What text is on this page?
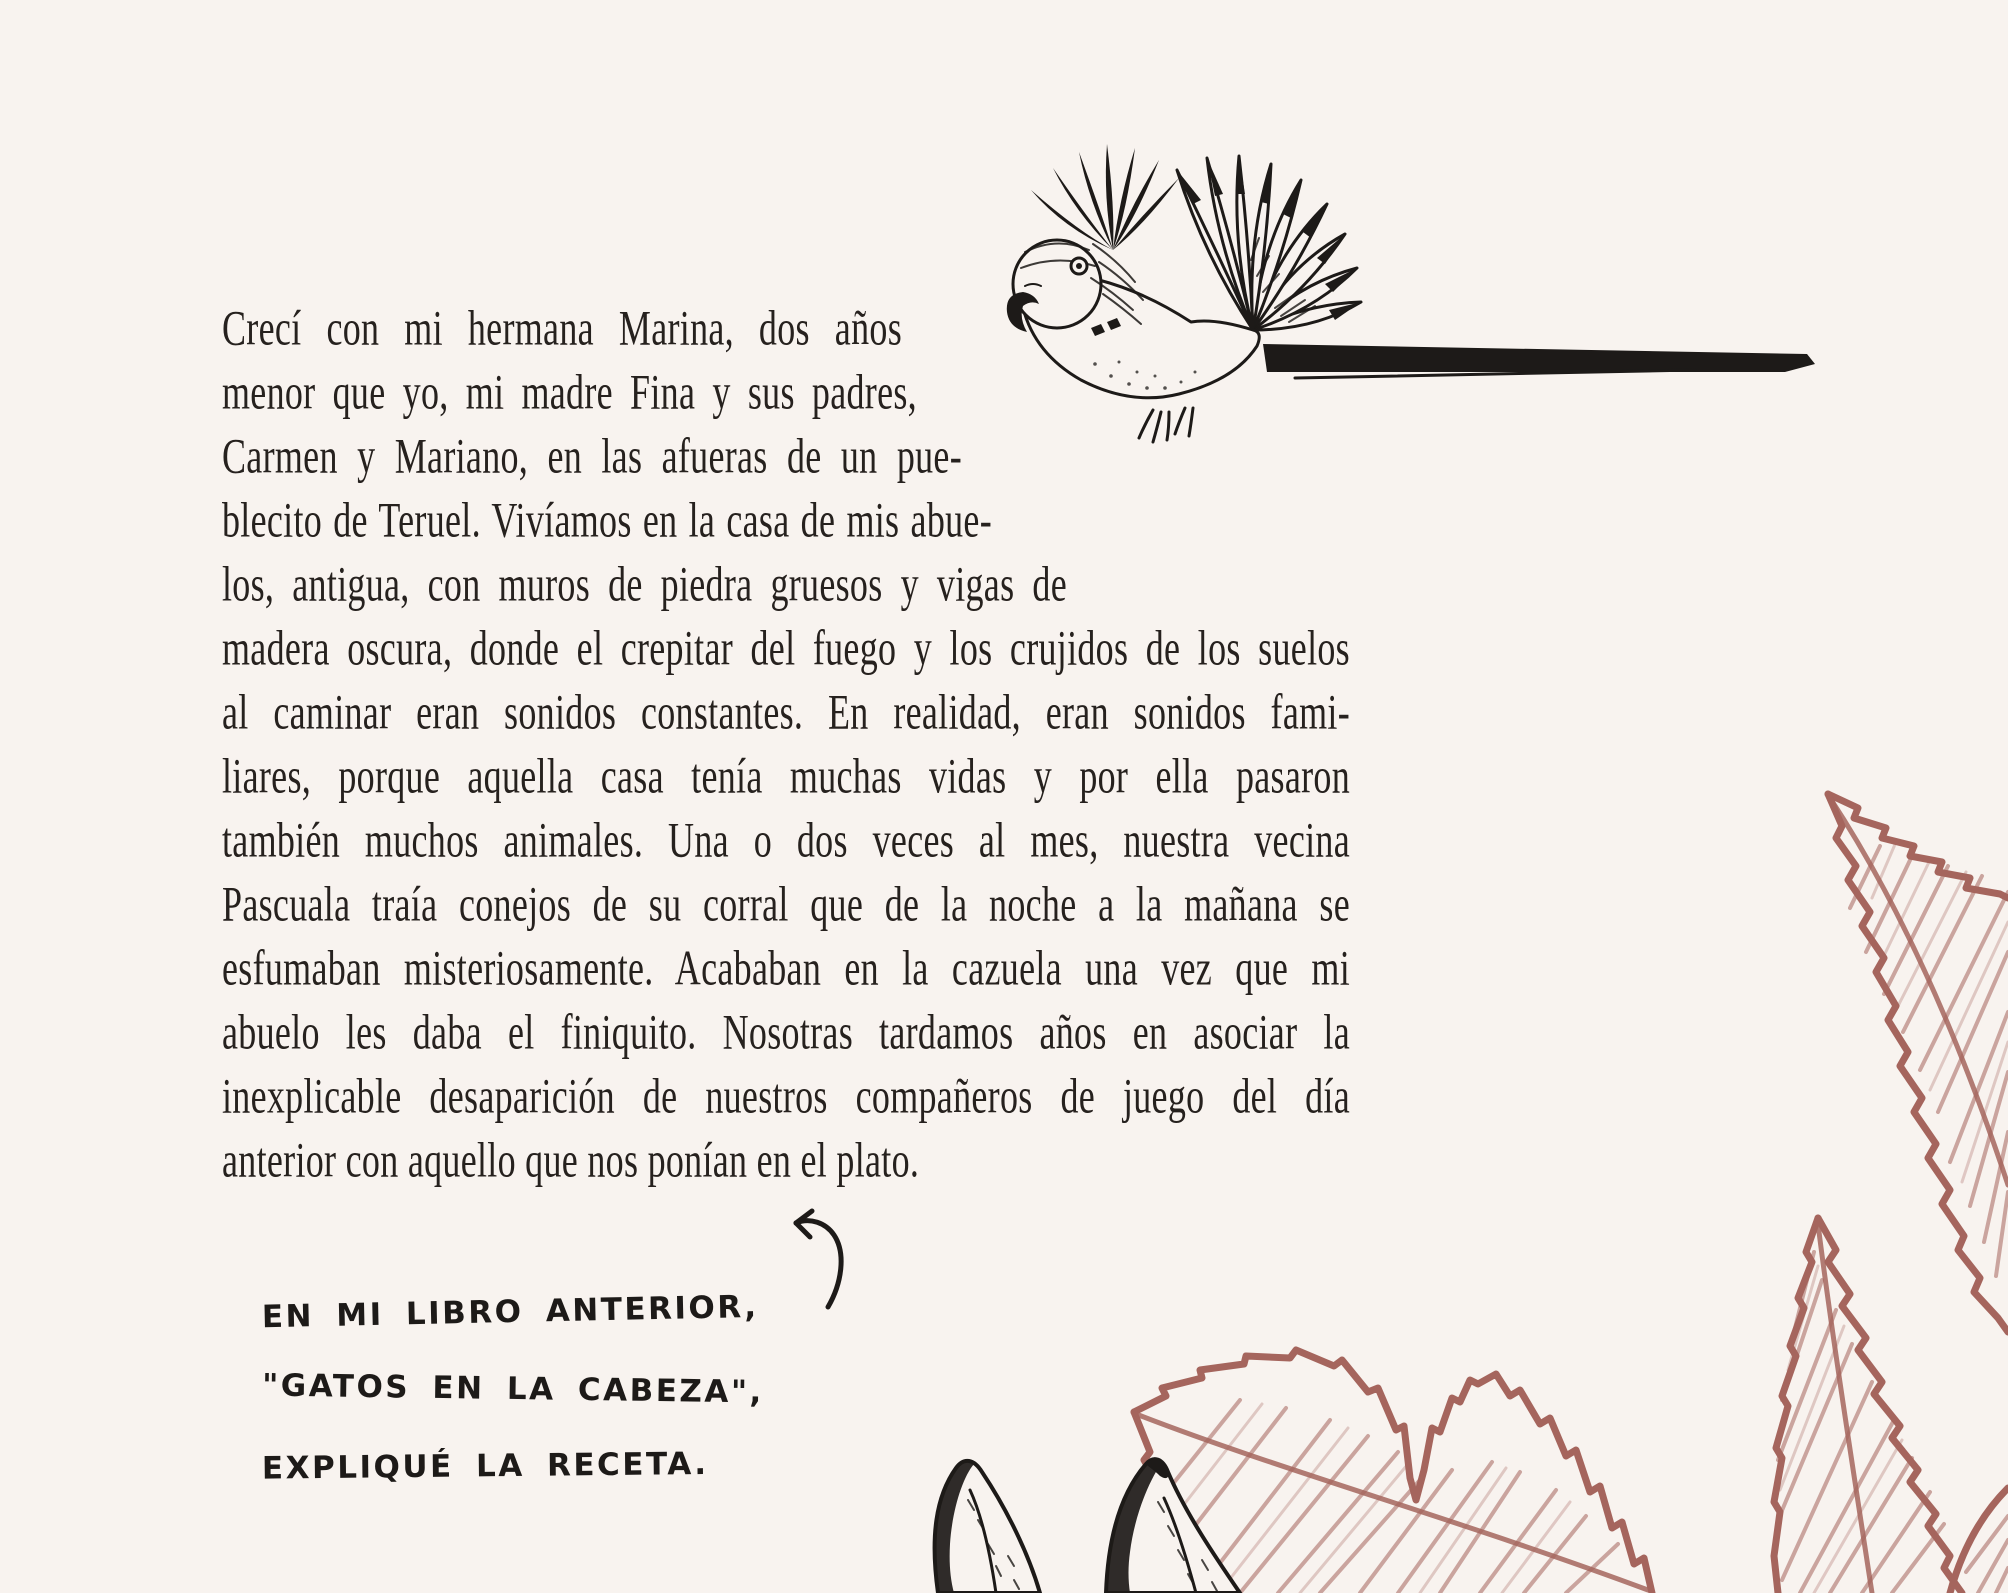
Crecí con mi hermana Marina, dos años
menor que yo, mi madre Fina y sus padres,
Carmen y Mariano, en las afueras de un pue-
blecito de Teruel. Vivíamos en la casa de mis abue-
los, antigua, con muros de piedra gruesos y vigas de
madera oscura, donde el crepitar del fuego y los crujidos de los suelos
al caminar eran sonidos constantes. En realidad, eran sonidos fami-
liares, porque aquella casa tenía muchas vidas y por ella pasaron
también muchos animales. Una o dos veces al mes, nuestra vecina
Pascuala traía conejos de su corral que de la noche a la mañana se
esfumaban misteriosamente. Acababan en la cazuela una vez que mi
abuelo les daba el finiquito. Nosotras tardamos años en asociar la
inexplicable desaparición de nuestros compañeros de juego del día
anterior con aquello que nos ponían en el plato.
EN MI LIBRO ANTERIOR,
"GATOS EN LA CABEZA",
EXPLIQUÉ LA RECETA.
